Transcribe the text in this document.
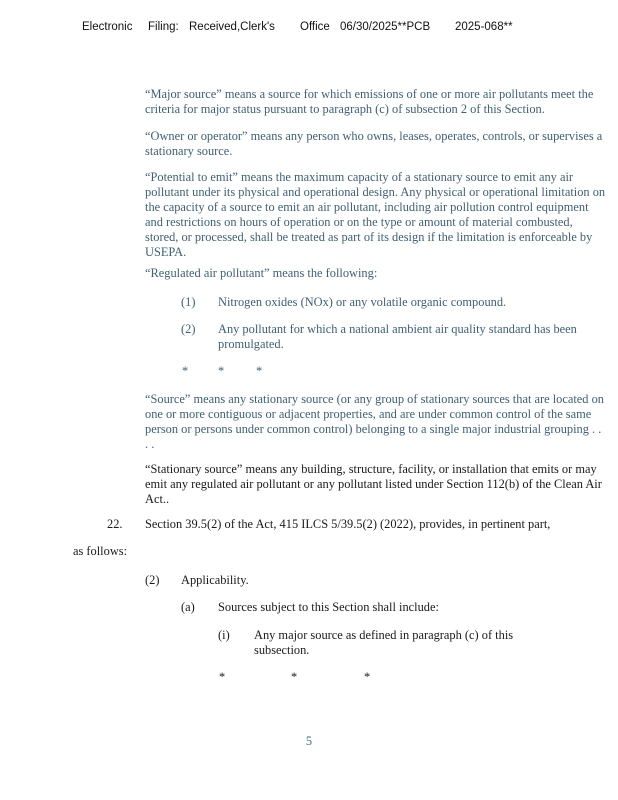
Electronic Filing: Received,Clerk's Office 06/30/2025**PCB 2025-068**

“Major source” means a source for which emissions of one or more air pollutants meet the criteria for major status pursuant to paragraph (c) of subsection 2 of this Section.

“Owner or operator” means any person who owns, leases, operates, controls, or supervises a stationary source.

“Potential to emit” means the maximum capacity of a stationary source to emit any air pollutant under its physical and operational design. Any physical or operational limitation on the capacity of a source to emit an air pollutant, including air pollution control equipment and restrictions on hours of operation or on the type or amount of material combusted, stored, or processed, shall be treated as part of its design if the limitation is enforceable by USEPA.

“Regulated air pollutant” means the following:

(1) Nitrogen oxides (NOx) or any volatile organic compound.
(2) Any pollutant for which a national ambient air quality standard has been promulgated.
* *	*

“Source” means any stationary source (or any group of stationary sources that are located on one or more contiguous or adjacent properties, and are under common control of the same person or persons under common control) belonging to a single major industrial grouping . . . .

“Stationary source” means any building, structure, facility, or installation that emits or may emit any regulated air pollutant or any pollutant listed under Section 112(b) of the Clean Air Act..

22. Section 39.5(2) of the Act, 415 ILCS 5/39.5(2) (2022), provides, in pertinent part,
as follows:
(2) Applicability.
(a) Sources subject to this Section shall include:
(i) Any major source as defined in paragraph (c) of this subsection.
*	*	*
5
